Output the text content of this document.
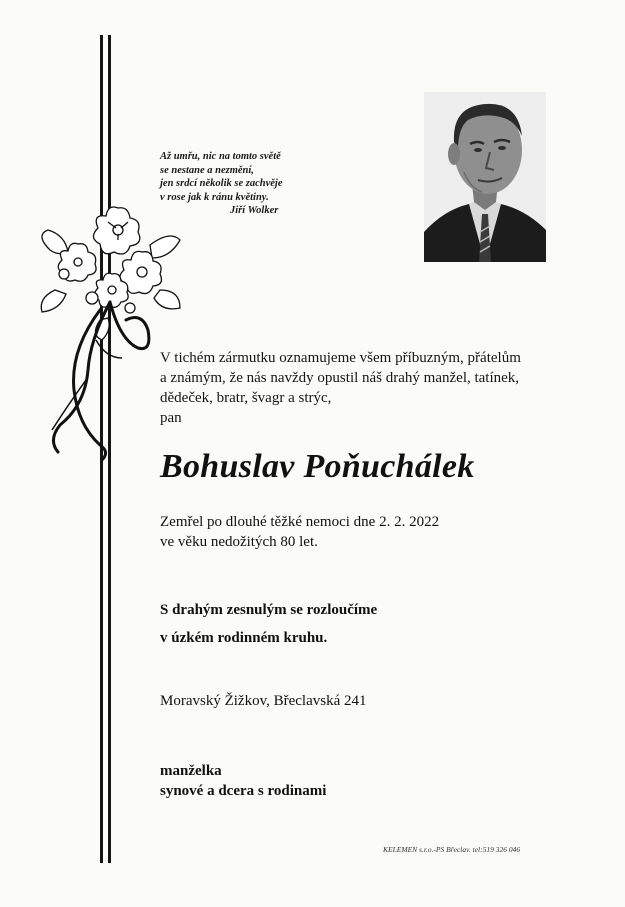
Až umřu, nic na tomto světě
se nestane a nezmění,
jen srdcí několik se zachvěje
v rose jak k ránu květiny.
Jiří Wolker
V tichém zármutku oznamujeme všem příbuzným, přátelům
a známým, že nás navždy opustil náš drahý manžel, tatínek,
dědeček, bratr, švagr a strýc,
pan
Bohuslav Poňuchálek
Zemřel po dlouhé těžké nemoci dne 2. 2. 2022
ve věku nedožitých 80 let.
S drahým zesnulým se rozloučíme
v úzkém rodinném kruhu.
Moravský Žižkov, Břeclavská 241
manželka
synové a dcera s rodinami
KELEMEN s.r.o.-PS Břeclav. tel:519 326 046
